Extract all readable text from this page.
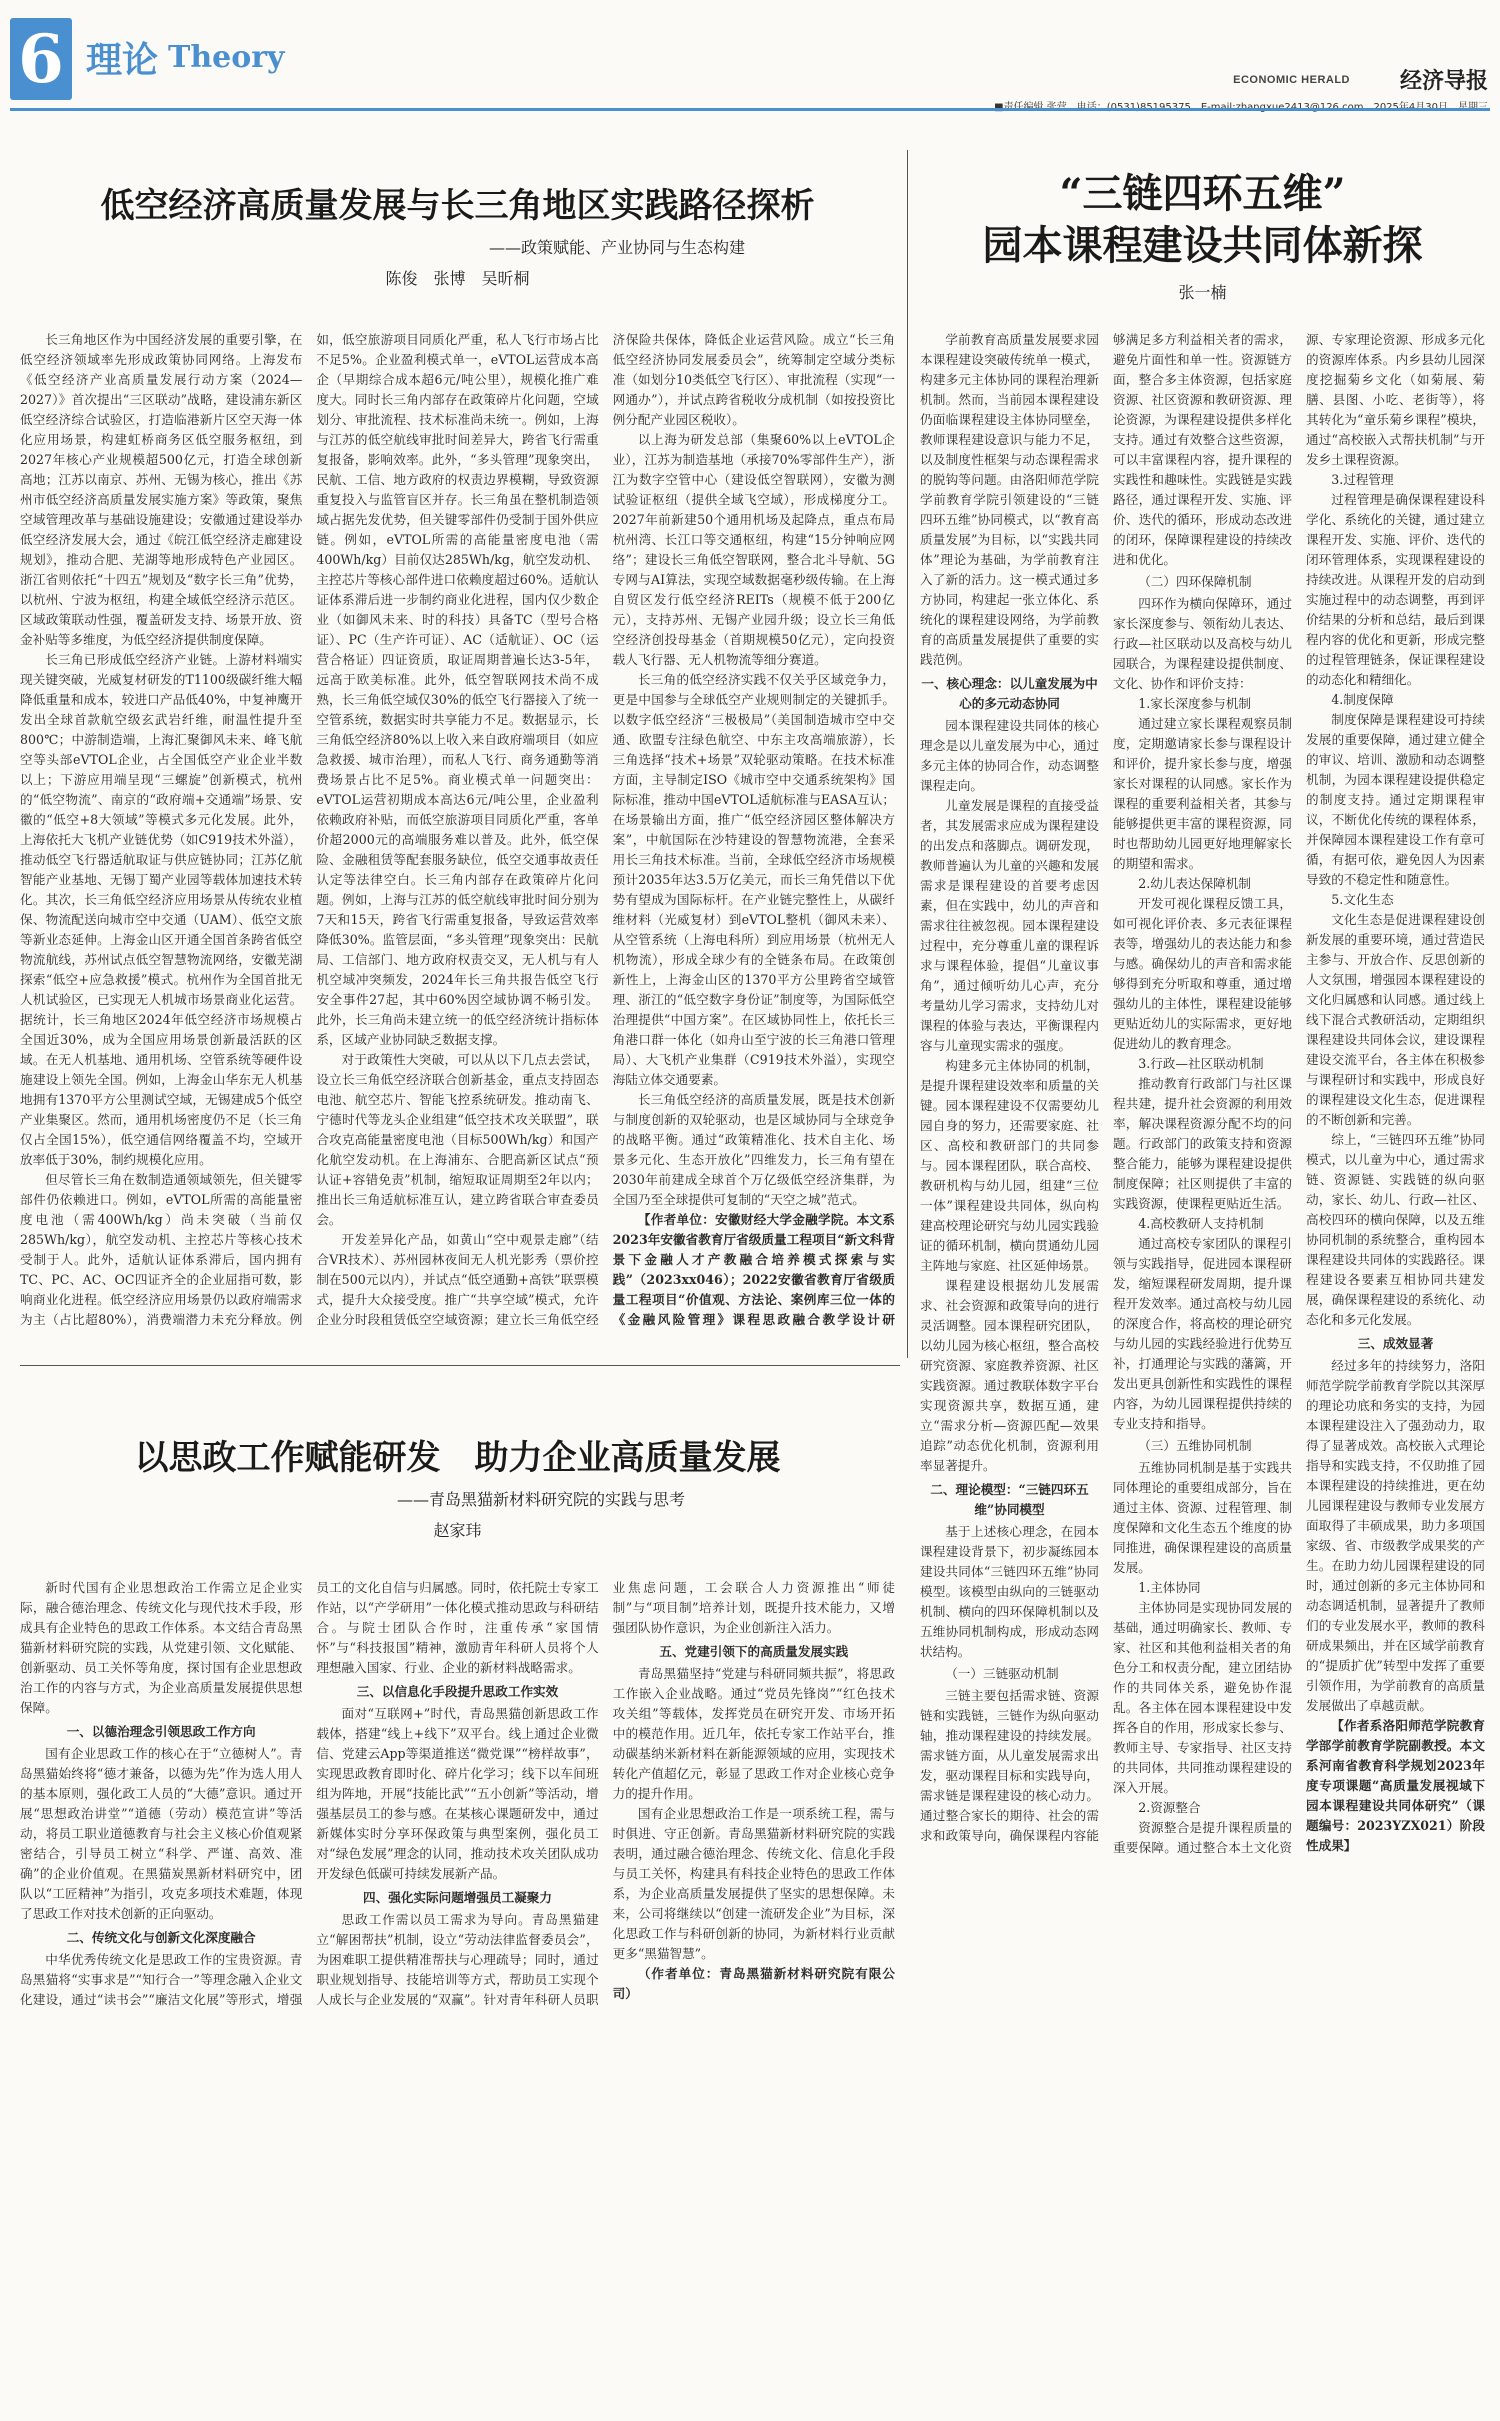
6 理论 Theory
ECONOMIC HERALD 经济导报
低空经济高质量发展与长三角地区实践路径探析
——政策赋能、产业协同与生态构建
陈俊　张博　吴昕桐

长三角地区作为中国经济发展的重要引擎，在低空经济领域率先形成政策协同网络。上海发布《低空经济产业高质量发展行动方案（2024—2027）》首次提出“三区联动”战略，建设浦东新区低空经济综合试验区，打造临港新片区空天海一体化应用场景，构建虹桥商务区低空服务枢纽，到2027年核心产业规模超500亿元，打造全球创新高地；江苏以南京、苏州、无锡为核心，推出《苏州市低空经济高质量发展实施方案》等政策，聚焦空域管理改革与基础设施建设；安徽通过建设举办低空经济发展大会，通过《皖江低空经济走廊建设规划》，推动合肥、芜湖等地形成特色产业园区。浙江省则依托“十四五”规划及“数字长三角”优势，以杭州、宁波为枢纽，构建全域低空经济示范区。区域政策联动性强，覆盖研发支持、场景开放、资金补贴等多维度，为低空经济提供制度保障。

长三角已形成低空经济产业链。上游材料端实现关键突破，光威复材研发的T1100级碳纤维大幅降低重量和成本，较进口产品低40%，中复神鹰开发出全球首款航空级玄武岩纤维，耐温性提升至800℃；中游制造端，上海汇聚御风未来、峰飞航空等头部eVTOL企业，占全国低空产业企业半数以上；下游应用端呈现“三螺旋”创新模式，杭州的“低空物流”、南京的“政府端+交通端”场景、安徽的“低空+8大领域”等模式多元化发展。此外，上海依托大飞机产业链优势（如C919技术外溢），推动低空飞行器适航取证与供应链协同；江苏亿航智能产业基地、无锡丁蜀产业园等载体加速技术转化。其次，长三角低空经济应用场景从传统农业植保、物流配送向城市空中交通（UAM）、低空文旅等新业态延伸。上海金山区开通全国首条跨省低空物流航线，苏州试点低空智慧物流网络，安徽芜湖探索“低空+应急救援”模式。杭州作为全国首批无人机试验区，已实现无人机城市场景商业化运营。据统计，长三角地区2024年低空经济市场规模占全国近30%，成为全国应用场景创新最活跃的区域。在无人机基地、通用机场、空管系统等硬件设施建设上领先全国。例如，上海金山华东无人机基地拥有1370平方公里测试空域，无锡建成5个低空产业集聚区。然而，通用机场密度仍不足（长三角仅占全国15%），低空通信网络覆盖不均，空域开放率低于30%，制约规模化应用。

但尽管长三角在数制造通领域领先，但关键零部件仍依赖进口。例如，eVTOL所需的高能量密度电池（需400Wh/kg）尚未突破（当前仅285Wh/kg），航空发动机、主控芯片等核心技术受制于人。此外，适航认证体系滞后，国内拥有TC、PC、AC、OC四证齐全的企业屈指可数，影响商业化进程。低空经济应用场景仍以政府端需求为主（占比超80%），消费端潜力未充分释放。例如，低空旅游项目同质化严重，私人飞行市场占比不足5%。企业盈利模式单一，eVTOL运营成本高企（早期综合成本超6元/吨公里），规模化推广难度大。同时长三角内部存在政策碎片化问题，空域划分、审批流程、技术标准尚未统一。例如，上海与江苏的低空航线审批时间差异大，跨省飞行需重复报备，影响效率。此外，“多头管理”现象突出，民航、工信、地方政府的权责边界模糊，导致资源重复投入与监管盲区并存。长三角虽在整机制造领域占据先发优势，但关键零部件仍受制于国外供应链。例如，eVTOL所需的高能量密度电池（需400Wh/kg）目前仅达285Wh/kg，航空发动机、主控芯片等核心部件进口依赖度超过60%。适航认证体系滞后进一步制约商业化进程，国内仅少数企业（如御风未来、时的科技）具备TC（型号合格证）、PC（生产许可证）、AC（适航证）、OC（运营合格证）四证资质，取证周期普遍长达3-5年，远高于欧美标准。此外，低空智联网技术尚不成熟，长三角低空域仅30%的低空飞行器接入了统一空管系统，数据实时共享能力不足。数据显示，长三角低空经济80%以上收入来自政府端项目（如应急救援、城市治理），而私人飞行、商务通勤等消费场景占比不足5%。商业模式单一问题突出：eVTOL运营初期成本高达6元/吨公里，企业盈利依赖政府补贴，而低空旅游项目同质化严重，客单价超2000元的高端服务难以普及。此外，低空保险、金融租赁等配套服务缺位，低空交通事故责任认定等法律空白。长三角内部存在政策碎片化问题。例如，上海与江苏的低空航线审批时间分别为7天和15天，跨省飞行需重复报备，导致运营效率降低30%。监管层面，“多头管理”现象突出：民航局、工信部门、地方政府权责交叉，无人机与有人机空域冲突频发，2024年长三角共报告低空飞行安全事件27起，其中60%因空域协调不畅引发。此外，长三角尚未建立统一的低空经济统计指标体系，区域产业协同缺乏数据支撑。

对于政策性大突破，可以从以下几点去尝试，设立长三角低空经济联合创新基金，重点支持固态电池、航空芯片、智能飞控系统研发。推动南飞、宁德时代等龙头企业组建“低空技术攻关联盟”，联合攻克高能量密度电池（目标500Wh/kg）和国产化航空发动机。在上海浦东、合肥高新区试点“预认证+容错免责”机制，缩短取证周期至2年以内；推出长三角适航标准互认，建立跨省联合审查委员会。

开发差异化产品，如黄山“空中观景走廊”（结合VR技术）、苏州园林夜间无人机光影秀（票价控制在500元以内），并试点“低空通勤+高铁”联票模式，提升大众接受度。推广“共享空域”模式，允许企业分时段租赁低空空域资源；建立长三角低空经济保险共保体，降低企业运营风险。成立“长三角低空经济协同发展委员会”，统筹制定空域分类标准（如划分10类低空飞行区）、审批流程（实现“一网通办”），并试点跨省税收分成机制（如按投资比例分配产业园区税收）。

以上海为研发总部（集聚60%以上eVTOL企业），江苏为制造基地（承接70%零部件生产），浙江为数字空管中心（建设低空智联网），安徽为测试验证枢纽（提供全域飞空域），形成梯度分工。2027年前新建50个通用机场及起降点，重点布局杭州湾、长江口等交通枢纽，构建“15分钟响应网络”；建设长三角低空智联网，整合北斗导航、5G专网与AI算法，实现空域数据毫秒级传输。在上海自贸区发行低空经济REITs（规模不低于200亿元），支持苏州、无锡产业园升级；设立长三角低空经济创投母基金（首期规模50亿元），定向投资载人飞行器、无人机物流等细分赛道。

长三角的低空经济实践不仅关乎区域竞争力，更是中国参与全球低空产业规则制定的关键抓手。以数字低空经济“三极极局”（美国制造城市空中交通、欧盟专注绿色航空、中东主攻高端旅游），长三角选择“技术+场景”双轮驱动策略。在技术标准方面，主导制定ISO《城市空中交通系统架构》国际标准，推动中国eVTOL适航标准与EASA互认；在场景输出方面，推广“低空经济园区整体解决方案”，中航国际在沙特建设的智慧物流港，全套采用长三角技术标准。当前，全球低空经济市场规模预计2035年达3.5万亿美元，而长三角凭借以下优势有望成为国际标杆。在产业链完整性上，从碳纤维材料（光威复材）到eVTOL整机（御风未来）、从空管系统（上海电科所）到应用场景（杭州无人机物流），形成全球少有的全链条布局。在政策创新性上，上海金山区的1370平方公里跨省空域管理、浙江的“低空数字身份证”制度等，为国际低空治理提供“中国方案”。在区域协同性上，依托长三角港口群一体化（如舟山至宁波的长三角港口管理局）、大飞机产业集群（C919技术外溢），实现空海陆立体交通要素。

长三角低空经济的高质量发展，既是技术创新与制度创新的双轮驱动，也是区域协同与全球竞争的战略平衡。通过“政策精准化、技术自主化、场景多元化、生态开放化”四维发力，长三角有望在2030年前建成全球首个万亿级低空经济集群，为全国乃至全球提供可复制的“天空之城”范式。

【作者单位：安徽财经大学金融学院。本文系2023年安徽省教育厅省级质量工程项目“新文科背景下金融人才产教融合培养模式探索与实践”（2023xx046）；2022安徽省教育厅省级质量工程项目“价值观、方法论、案例库三位一体的《金融风险管理》课程思政融合教学设计研

“三链四环五维”
园本课程建设共同体新探
张一楠

学前教育高质量发展要求园本课程建设突破传统单一模式，构建多元主体协同的课程治理新机制。然而，当前园本课程建设仍面临课程建设主体协同壁垒，教师课程建设意识与能力不足，以及制度性框架与动态课程需求的脱钩等问题。由洛阳师范学院学前教育学院引领建设的“三链四环五维”协同模式，以“教育高质量发展”为目标，以“实践共同体”理论为基础，为学前教育注入了新的活力。这一模式通过多方协同，构建起一张立体化、系统化的课程建设网络，为学前教育的高质量发展提供了重要的实践范例。

一、核心理念：以儿童发展为中心的多元动态协同

园本课程建设共同体的核心理念是以儿童发展为中心，通过多元主体的协同合作，动态调整课程走向。

儿童发展是课程的直接受益者，其发展需求应成为课程建设的出发点和落脚点。调研发现，教师普遍认为儿童的兴趣和发展需求是课程建设的首要考虑因素，但在实践中，幼儿的声音和需求往往被忽视。园本课程建设过程中，充分尊重儿童的课程诉求与课程体验，提倡“儿童议事角”，通过倾听幼儿心声，充分考量幼儿学习需求，支持幼儿对课程的体验与表达，平衡课程内容与儿童现实需求的强度。

构建多元主体协同的机制，是提升课程建设效率和质量的关键。园本课程建设不仅需要幼儿园自身的努力，还需要家庭、社区、高校和教研部门的共同参与。园本课程团队，联合高校、教研机构与幼儿园，组建“三位一体”课程建设共同体，纵向构建高校理论研究与幼儿园实践验证的循环机制，横向贯通幼儿园主阵地与家庭、社区延伸场景。

课程建设根据幼儿发展需求、社会资源和政策导向的进行灵活调整。园本课程研究团队，以幼儿园为核心枢纽，整合高校研究资源、家庭教养资源、社区实践资源。通过教联体数字平台实现资源共享，数据互通，建立“需求分析—资源匹配—效果追踪”动态优化机制，资源利用率显著提升。

二、理论模型：“三链四环五维”协同模型

基于上述核心理念，在园本课程建设背景下，初步凝练园本建设共同体“三链四环五维”协同模型。该模型由纵向的三链驱动机制、横向的四环保障机制以及五维协同机制构成，形成动态网状结构。

（一）三链驱动机制

三链主要包括需求链、资源链和实践链，三链作为纵向驱动轴，推动课程建设的持续发展。需求链方面，从儿童发展需求出发，驱动课程目标和实践导向，需求链是课程建设的核心动力。通过整合家长的期待、社会的需求和政策导向，确保课程内容能够满足多方利益相关者的需求，避免片面性和单一性。资源链方面，整合多主体资源，包括家庭资源、社区资源和教研资源、理论资源，为课程建设提供多样化支持。通过有效整合这些资源，可以丰富课程内容，提升课程的实践性和趣味性。实践链是实践路径，通过课程开发、实施、评价、迭代的循环，形成动态改进的闭环，保障课程建设的持续改进和优化。

（二）四环保障机制

四环作为横向保障环，通过家长深度参与、领衔幼儿表达、行政—社区联动以及高校与幼儿园联合，为课程建设提供制度、文化、协作和评价支持：

1.家长深度参与机制

通过建立家长课程观察员制度，定期邀请家长参与课程设计和评价，提升家长参与度，增强家长对课程的认同感。家长作为课程的重要利益相关者，其参与能够提供更丰富的课程资源，同时也帮助幼儿园更好地理解家长的期望和需求。

2.幼儿表达保障机制

开发可视化课程反馈工具，如可视化评价表、多元表征课程表等，增强幼儿的表达能力和参与感。确保幼儿的声音和需求能够得到充分听取和尊重，通过增强幼儿的主体性，课程建设能够更贴近幼儿的实际需求，更好地促进幼儿的教育理念。

3.行政—社区联动机制

推动教育行政部门与社区课程共建，提升社会资源的利用效率，解决课程资源分配不均的问题。行政部门的政策支持和资源整合能力，能够为课程建设提供制度保障；社区则提供了丰富的实践资源，使课程更贴近生活。

4.高校教研人支持机制

通过高校专家团队的课程引领与实践指导，促进园本课程研发，缩短课程研发周期，提升课程开发效率。通过高校与幼儿园的深度合作，将高校的理论研究与幼儿园的实践经验进行优势互补，打通理论与实践的藩篱，开发出更具创新性和实践性的课程内容，为幼儿园课程提供持续的专业支持和指导。

（三）五维协同机制

五维协同机制是基于实践共同体理论的重要组成部分，旨在通过主体、资源、过程管理、制度保障和文化生态五个维度的协同推进，确保课程建设的高质量发展。

1.主体协同

主体协同是实现协同发展的基础，通过明确家长、教师、专家、社区和其他利益相关者的角色分工和权责分配，建立团结协作的共同体关系，避免协作混乱。各主体在园本课程建设中发挥各自的作用，形成家长参与、教师主导、专家指导、社区支持的共同体，共同推动课程建设的深入开展。

2.资源整合

资源整合是提升课程质量的重要保障。通过整合本土文化资源、专家理论资源、形成多元化的资源库体系。内乡县幼儿园深度挖掘菊乡文化（如菊展、菊膳、县图、小吃、老街等），将其转化为“童乐菊乡课程”模块，通过“高校嵌入式帮扶机制”与开发乡土课程资源。

3.过程管理

过程管理是确保课程建设科学化、系统化的关键，通过建立课程开发、实施、评价、迭代的闭环管理体系，实现课程建设的持续改进。从课程开发的启动到实施过程中的动态调整，再到评价结果的分析和总结，最后到课程内容的优化和更新，形成完整的过程管理链条，保证课程建设的动态化和精细化。

4.制度保障

制度保障是课程建设可持续发展的重要保障，通过建立健全的审议、培训、激励和动态调整机制，为园本课程建设提供稳定的制度支持。通过定期课程审议，不断优化传统的课程体系，并保障园本课程建设工作有章可循，有据可依，避免因人为因素导致的不稳定性和随意性。

5.文化生态

文化生态是促进课程建设创新发展的重要环境，通过营造民主参与、开放合作、反思创新的人文氛围，增强园本课程建设的文化归属感和认同感。通过线上线下混合式教研活动，定期组织课程建设共同体会议，建设课程建设交流平台，各主体在积极参与课程研讨和实践中，形成良好的课程建设文化生态，促进课程的不断创新和完善。

综上，“三链四环五维”协同模式，以儿童为中心，通过需求链、资源链、实践链的纵向驱动，家长、幼儿、行政—社区、高校四环的横向保障，以及五维协同机制的系统整合，重构园本课程建设共同体的实践路径。课程建设各要素互相协同共建发展，确保课程建设的系统化、动态化和多元化发展。

三、成效显著

经过多年的持续努力，洛阳师范学院学前教育学院以其深厚的理论功底和务实的支持，为园本课程建设注入了强劲动力，取得了显著成效。高校嵌入式理论指导和实践支持，不仅助推了园本课程建设的持续推进，更在幼儿园课程建设与教师专业发展方面取得了丰硕成果，助力多项国家级、省、市级教学成果奖的产生。在助力幼儿园课程建设的同时，通过创新的多元主体协同和动态调适机制，显著提升了教师们的专业发展水平，教师的教科研成果频出，并在区域学前教育的“提质扩优”转型中发挥了重要引领作用，为学前教育的高质量发展做出了卓越贡献。

【作者系洛阳师范学院教育学部学前教育学院副教授。本文系河南省教育科学规划2023年度专项课题“高质量发展视域下园本课程建设共同体研究”（课题编号：2023YZX021）阶段性成果】

以思政工作赋能研发　助力企业高质量发展
——青岛黑猫新材料研究院的实践与思考
赵家玮

新时代国有企业思想政治工作需立足企业实际，融合德治理念、传统文化与现代技术手段，形成具有企业特色的思政工作体系。本文结合青岛黑猫新材料研究院的实践，从党建引领、文化赋能、创新驱动、员工关怀等角度，探讨国有企业思想政治工作的内容与方式，为企业高质量发展提供思想保障。

一、以德治理念引领思政工作方向

国有企业思政工作的核心在于“立德树人”。青岛黑猫始终将“德才兼备，以德为先”作为选人用人的基本原则，强化政工人员的“大德”意识。通过开展“思想政治讲堂”“道德（劳动）模范宣讲”等活动，将员工职业道德教育与社会主义核心价值观紧密结合，引导员工树立“科学、严谨、高效、准确”的企业价值观。在黑猫炭黑新材料研究中，团队以“工匠精神”为指引，攻克多项技术难题，体现了思政工作对技术创新的正向驱动。

二、传统文化与创新文化深度融合

中华优秀传统文化是思政工作的宝贵资源。青岛黑猫将“实事求是”“知行合一”等理念融入企业文化建设，通过“读书会”“廉洁文化展”等形式，增强员工的文化自信与归属感。同时，依托院士专家工作站，以“产学研用”一体化模式推动思政与科研结合。与院士团队合作时，注重传承“家国情怀”与“科技报国”精神，激励青年科研人员将个人理想融入国家、行业、企业的新材料战略需求。

三、以信息化手段提升思政工作实效

面对“互联网+”时代，青岛黑猫创新思政工作载体，搭建“线上+线下”双平台。线上通过企业微信、党建云App等渠道推送“微党课”“榜样故事”，实现思政教育即时化、碎片化学习；线下以车间班组为阵地，开展“技能比武”“五小创新”等活动，增强基层员工的参与感。在某核心课题研发中，通过新媒体实时分享环保政策与典型案例，强化员工对“绿色发展”理念的认同，推动技术攻关团队成功开发绿色低碳可持续发展新产品。

四、强化实际问题增强员工凝聚力

思政工作需以员工需求为导向。青岛黑猫建立“解困帮扶”机制，设立“劳动法律监督委员会”，为困难职工提供精准帮扶与心理疏导；同时，通过职业规划指导、技能培训等方式，帮助员工实现个人成长与企业发展的“双赢”。针对青年科研人员职业焦虑问题，工会联合人力资源推出“师徒制”与“项目制”培养计划，既提升技术能力，又增强团队协作意识，为企业创新注入活力。

五、党建引领下的高质量发展实践

青岛黑猫坚持“党建与科研同频共振”，将思政工作嵌入企业战略。通过“党员先锋岗”“红色技术攻关组”等载体，发挥党员在研究开发、市场开拓中的模范作用。近几年，依托专家工作站平台，推动碳基纳米新材料在新能源领域的应用，实现技术转化产值超亿元，彰显了思政工作对企业核心竞争力的提升作用。

国有企业思想政治工作是一项系统工程，需与时俱进、守正创新。青岛黑猫新材料研究院的实践表明，通过融合德治理念、传统文化、信息化手段与员工关怀，构建具有科技企业特色的思政工作体系，为企业高质量发展提供了坚实的思想保障。未来，公司将继续以“创建一流研发企业”为目标，深化思政工作与科研创新的协同，为新材料行业贡献更多“黑猫智慧”。

（作者单位：青岛黑猫新材料研究院有限公司）
